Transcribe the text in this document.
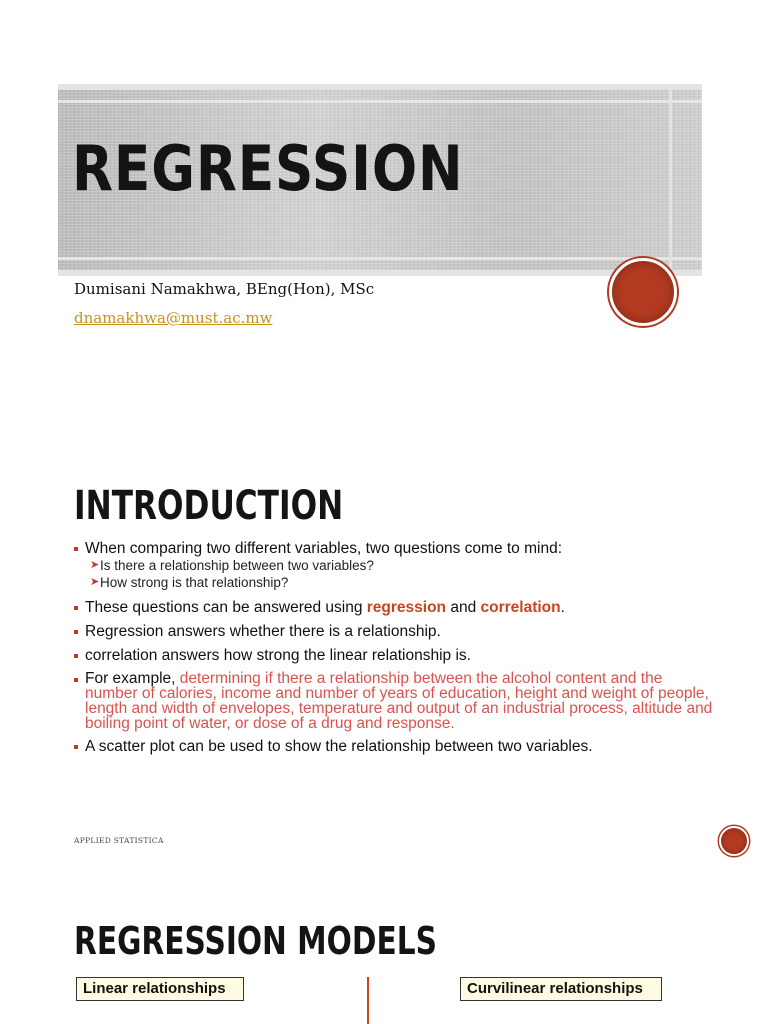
REGRESSION
Dumisani Namakhwa, BEng(Hon), MSc
dnamakhwa@must.ac.mw
INTRODUCTION

When comparing two different variables, two questions come to mind:

➤ Is there a relationship between two variables?
➤ How strong is that relationship?

These questions can be answered using regression and correlation.

Regression answers whether there is a relationship.

correlation answers how strong the linear relationship is.

For example, determining if there a relationship between the alcohol content and the number of calories, income and number of years of education, height and weight of people, length and width of envelopes, temperature and output of an industrial process, altitude and boiling point of water, or dose of a drug and response.

A scatter plot can be used to show the relationship between two variables.

APPLIED STATISTICA
REGRESSION MODELS
Linear relationships	Curvilinear relationships
